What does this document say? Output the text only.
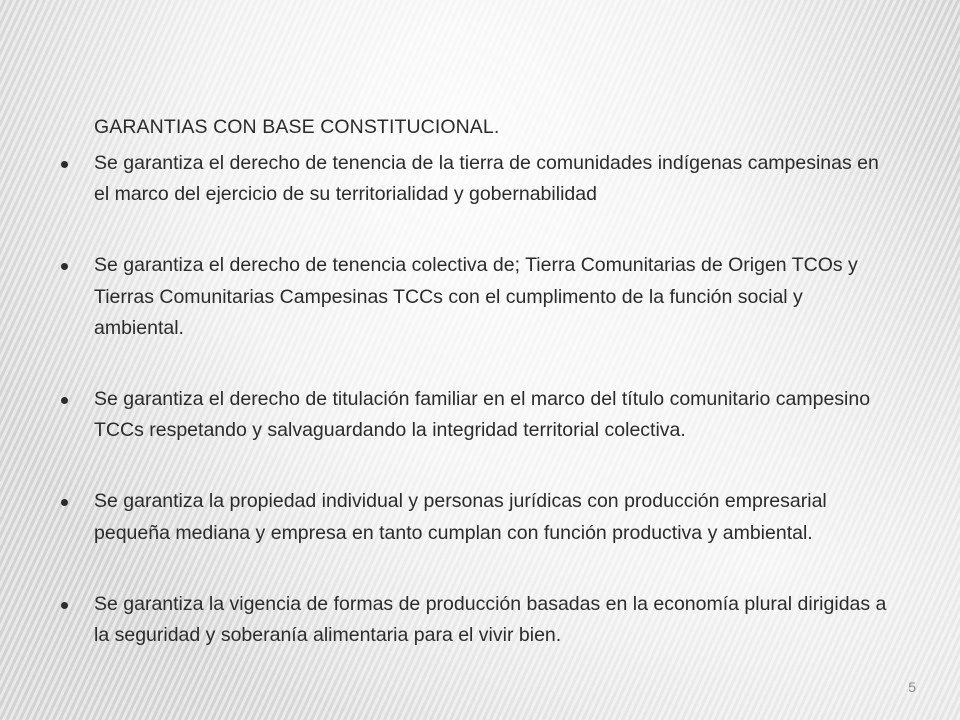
GARANTIAS CON BASE CONSTITUCIONAL.
Se garantiza el derecho de tenencia de la tierra de comunidades indígenas campesinas en el marco del ejercicio de su territorialidad y gobernabilidad
Se garantiza el derecho de tenencia colectiva de; Tierra Comunitarias de Origen TCOs y Tierras Comunitarias Campesinas TCCs con el cumplimento de la función social y ambiental.
Se garantiza el derecho de titulación familiar en el marco del título comunitario campesino TCCs respetando y salvaguardando la integridad territorial colectiva.
Se garantiza la propiedad individual y personas jurídicas con producción empresarial pequeña mediana y empresa en tanto cumplan con función productiva y ambiental.
Se garantiza la vigencia de formas de producción basadas en la economía plural dirigidas a la seguridad y soberanía alimentaria para el vivir bien.
5
